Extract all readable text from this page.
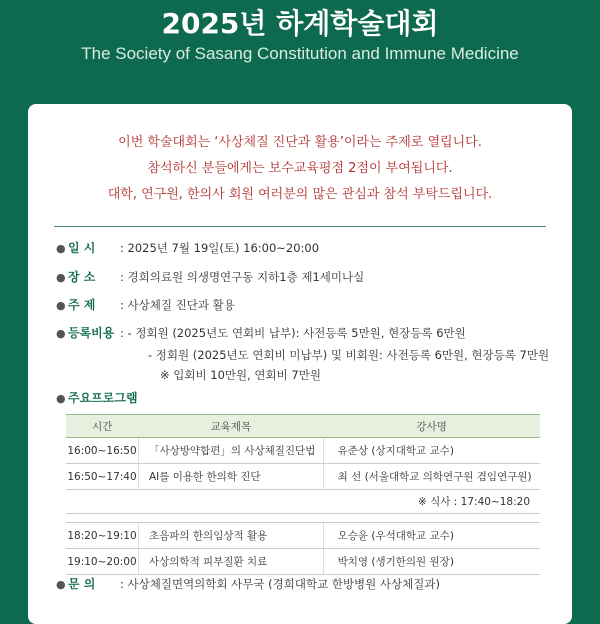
2025년 하계학술대회
The Society of Sasang Constitution and Immune Medicine
이번 학술대회는 ‘사상체질 진단과 활용’이라는 주제로 열립니다.
참석하신 분들에게는 보수교육평점 2점이 부여됩니다.
대학, 연구원, 한의사 회원 여러분의 많은 관심과 참석 부탁드립니다.
● 일 시 : 2025년 7월 19일(토) 16:00~20:00
● 장 소 : 경희의료원 의생명연구동 지하1층 제1세미나실
● 주 제 : 사상체질 진단과 활용
● 등록비용 : - 정회원 (2025년도 연회비 납부): 사전등록 5만원, 현장등록 6만원
- 정회원 (2025년도 연회비 미납부) 및 비회원: 사전등록 6만원, 현장등록 7만원
※ 입회비 10만원, 연회비 7만원
● 주요프로그램
● 문 의 : 사상체질면역의학회 사무국 (경희대학교 한방병원 사상체질과)
시간	교육제목	강사명
16:00~16:50	「사상방약합편」의 사상체질진단법	유준상 (상지대학교 교수)
16:50~17:40	AI를 이용한 한의학 진단	최 선 (서울대학교 의학연구원 겸임연구원)
※ 식사 : 17:40~18:20		

18:20~19:10	초음파의 한의임상적 활용	오승윤 (우석대학교 교수)
19:10~20:00	사상의학적 피부질환 치료	박치영 (생기한의원 원장)
